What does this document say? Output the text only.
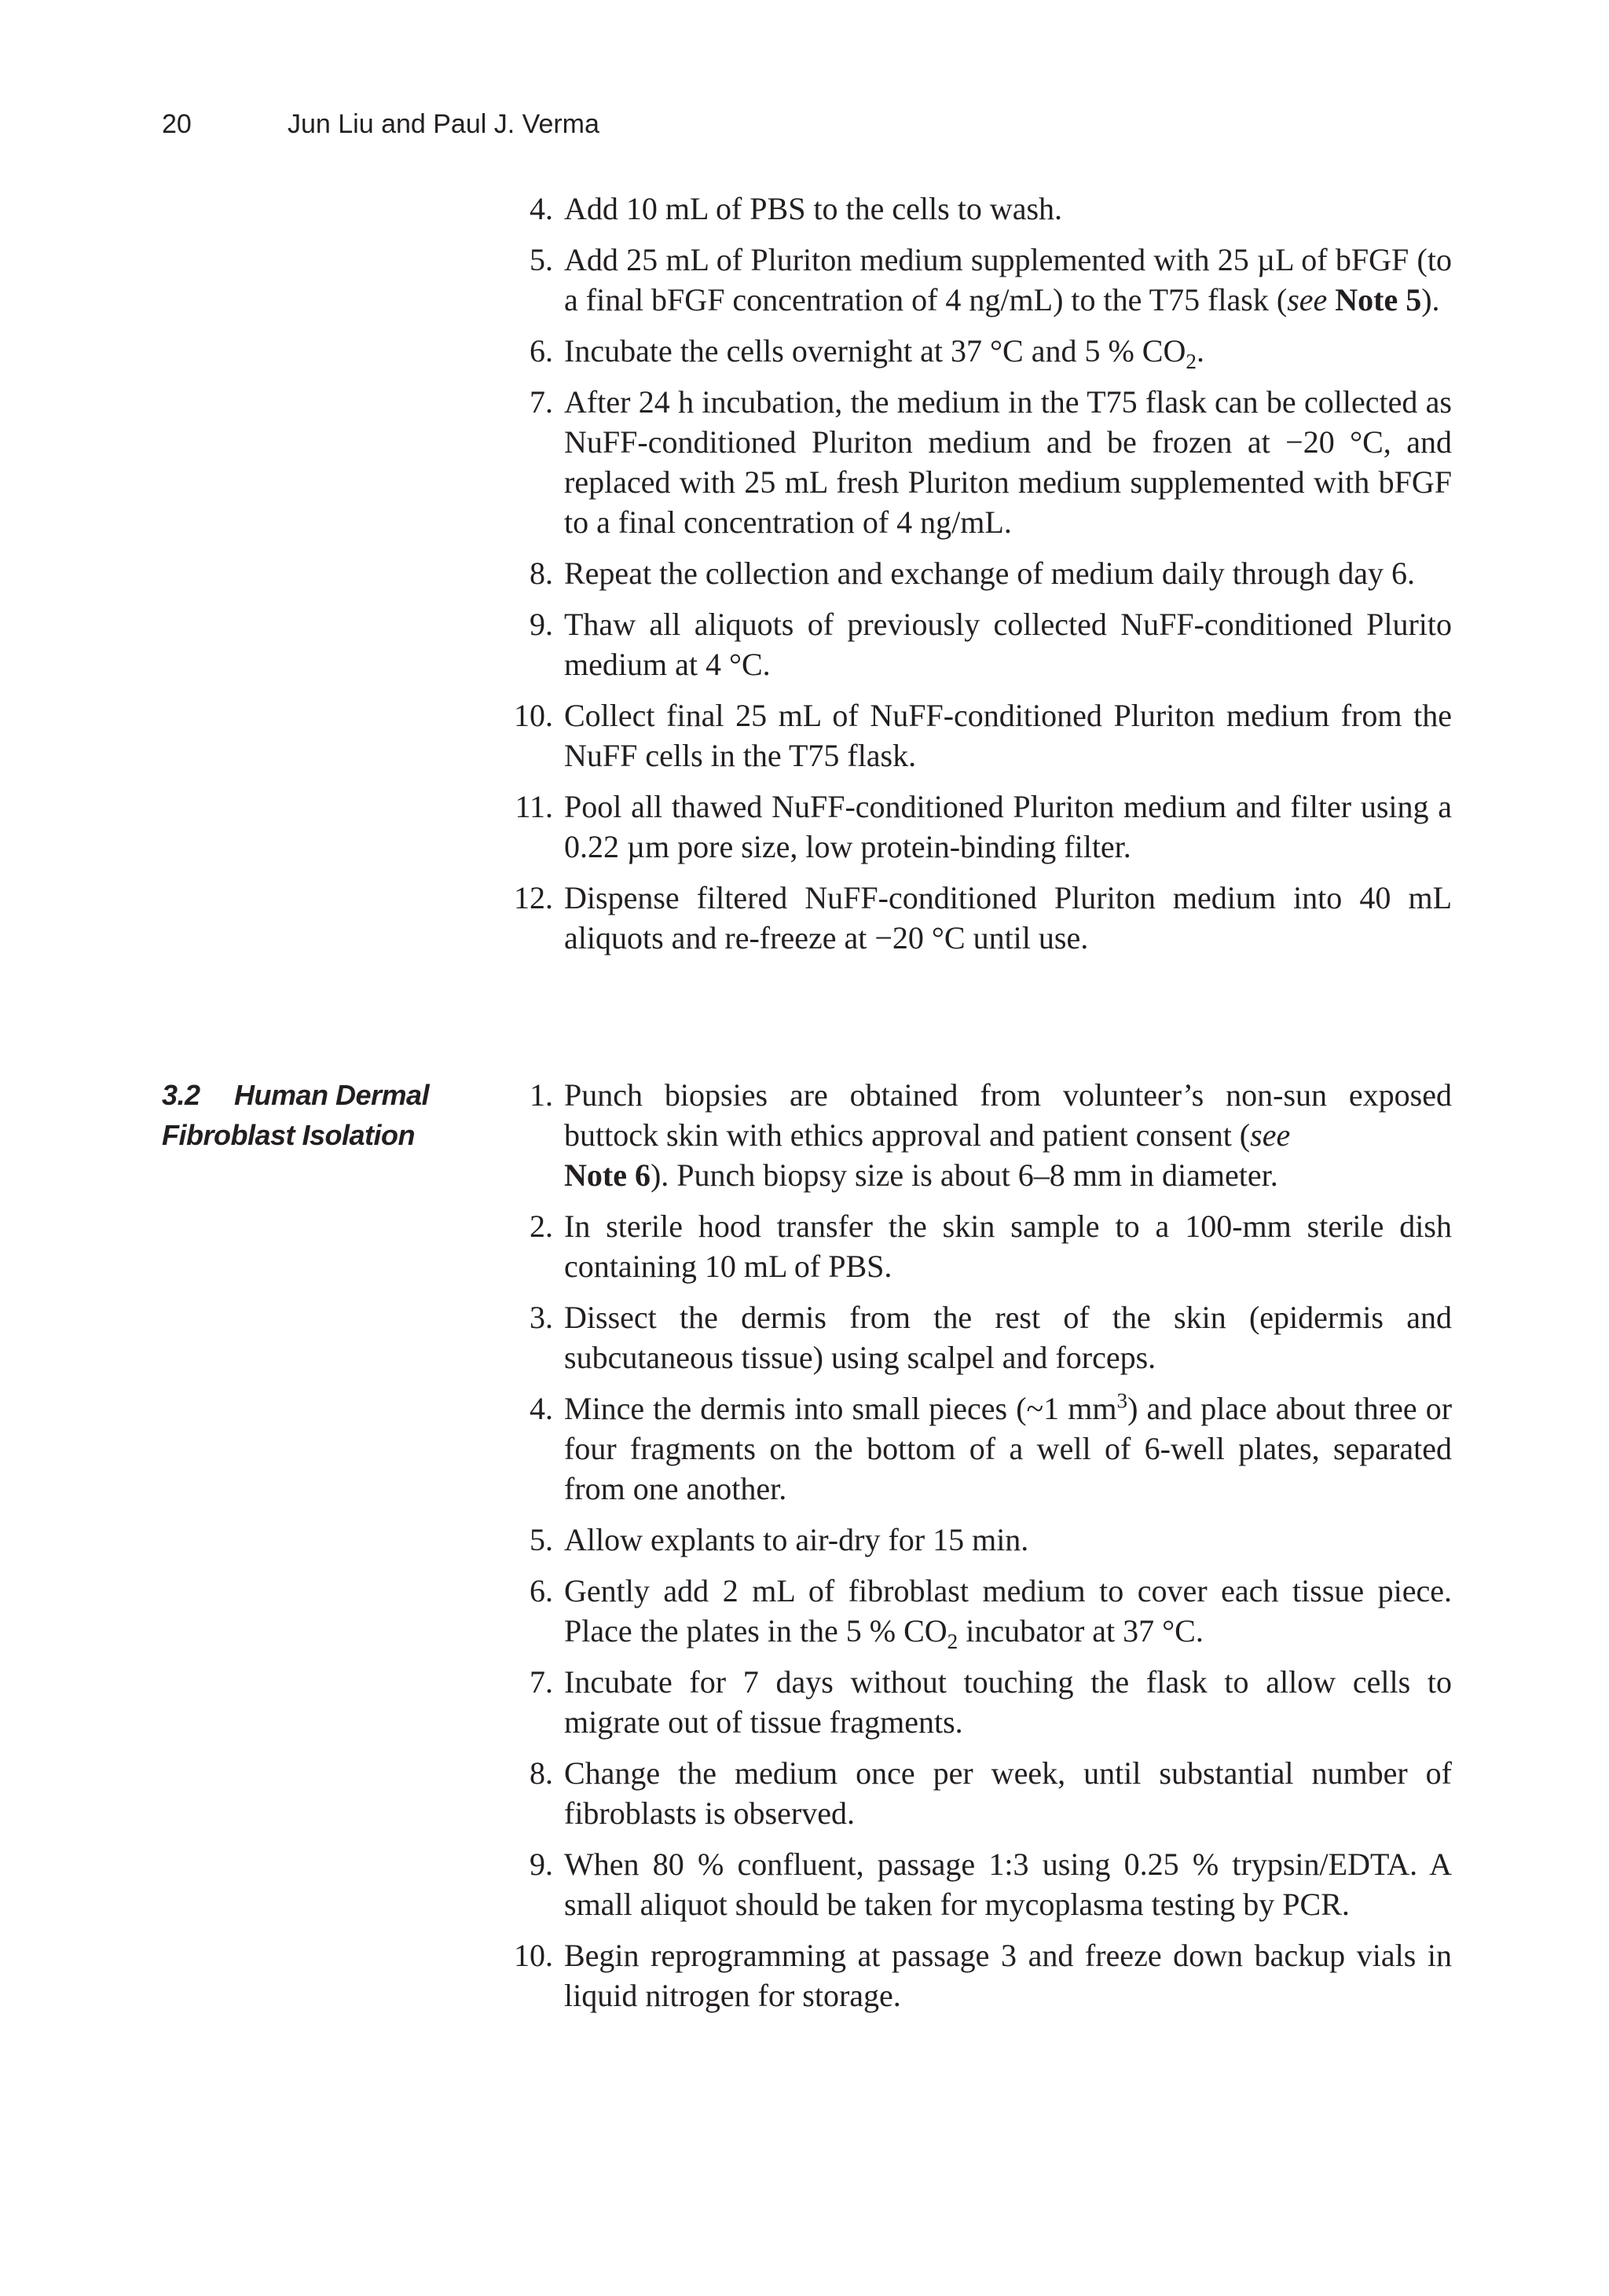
20	Jun Liu and Paul J. Verma
4. Add 10 mL of PBS to the cells to wash.
5. Add 25 mL of Pluriton medium supplemented with 25 µL of bFGF (to a final bFGF concentration of 4 ng/mL) to the T75 flask (see Note 5).
6. Incubate the cells overnight at 37 °C and 5 % $CO_2$.
7. After 24 h incubation, the medium in the T75 flask can be collected as NuFF-conditioned Pluriton medium and be frozen at −20 °C, and replaced with 25 mL fresh Pluriton medium supplemented with bFGF to a final concentration of 4 ng/mL.
8. Repeat the collection and exchange of medium daily through day 6.
9. Thaw all aliquots of previously collected NuFF-conditioned Plurito medium at 4 °C.
10. Collect final 25 mL of NuFF-conditioned Pluriton medium from the NuFF cells in the T75 flask.
11. Pool all thawed NuFF-conditioned Pluriton medium and filter using a 0.22 µm pore size, low protein-binding filter.
12. Dispense filtered NuFF-conditioned Pluriton medium into 40 mL aliquots and re-freeze at −20 °C until use.
3.2 Human Dermal
Fibroblast Isolation
1. Punch biopsies are obtained from volunteer’s non-sun exposed buttock skin with ethics approval and patient consent (see
Note 6). Punch biopsy size is about 6–8 mm in diameter.
2. In sterile hood transfer the skin sample to a 100-mm sterile dish containing 10 mL of PBS.
3. Dissect the dermis from the rest of the skin (epidermis and subcutaneous tissue) using scalpel and forceps.
4. Mince the dermis into small pieces (~1 $mm^3$) and place about three or four fragments on the bottom of a well of 6-well plates, separated from one another.
5. Allow explants to air-dry for 15 min.
6. Gently add 2 mL of fibroblast medium to cover each tissue piece. Place the plates in the 5 % $CO_2$ incubator at 37 °C.
7. Incubate for 7 days without touching the flask to allow cells to migrate out of tissue fragments.
8. Change the medium once per week, until substantial number of fibroblasts is observed.
9. When 80 % confluent, passage 1:3 using 0.25 % trypsin/EDTA. A small aliquot should be taken for mycoplasma testing by PCR.
10. Begin reprogramming at passage 3 and freeze down backup vials in liquid nitrogen for storage.
